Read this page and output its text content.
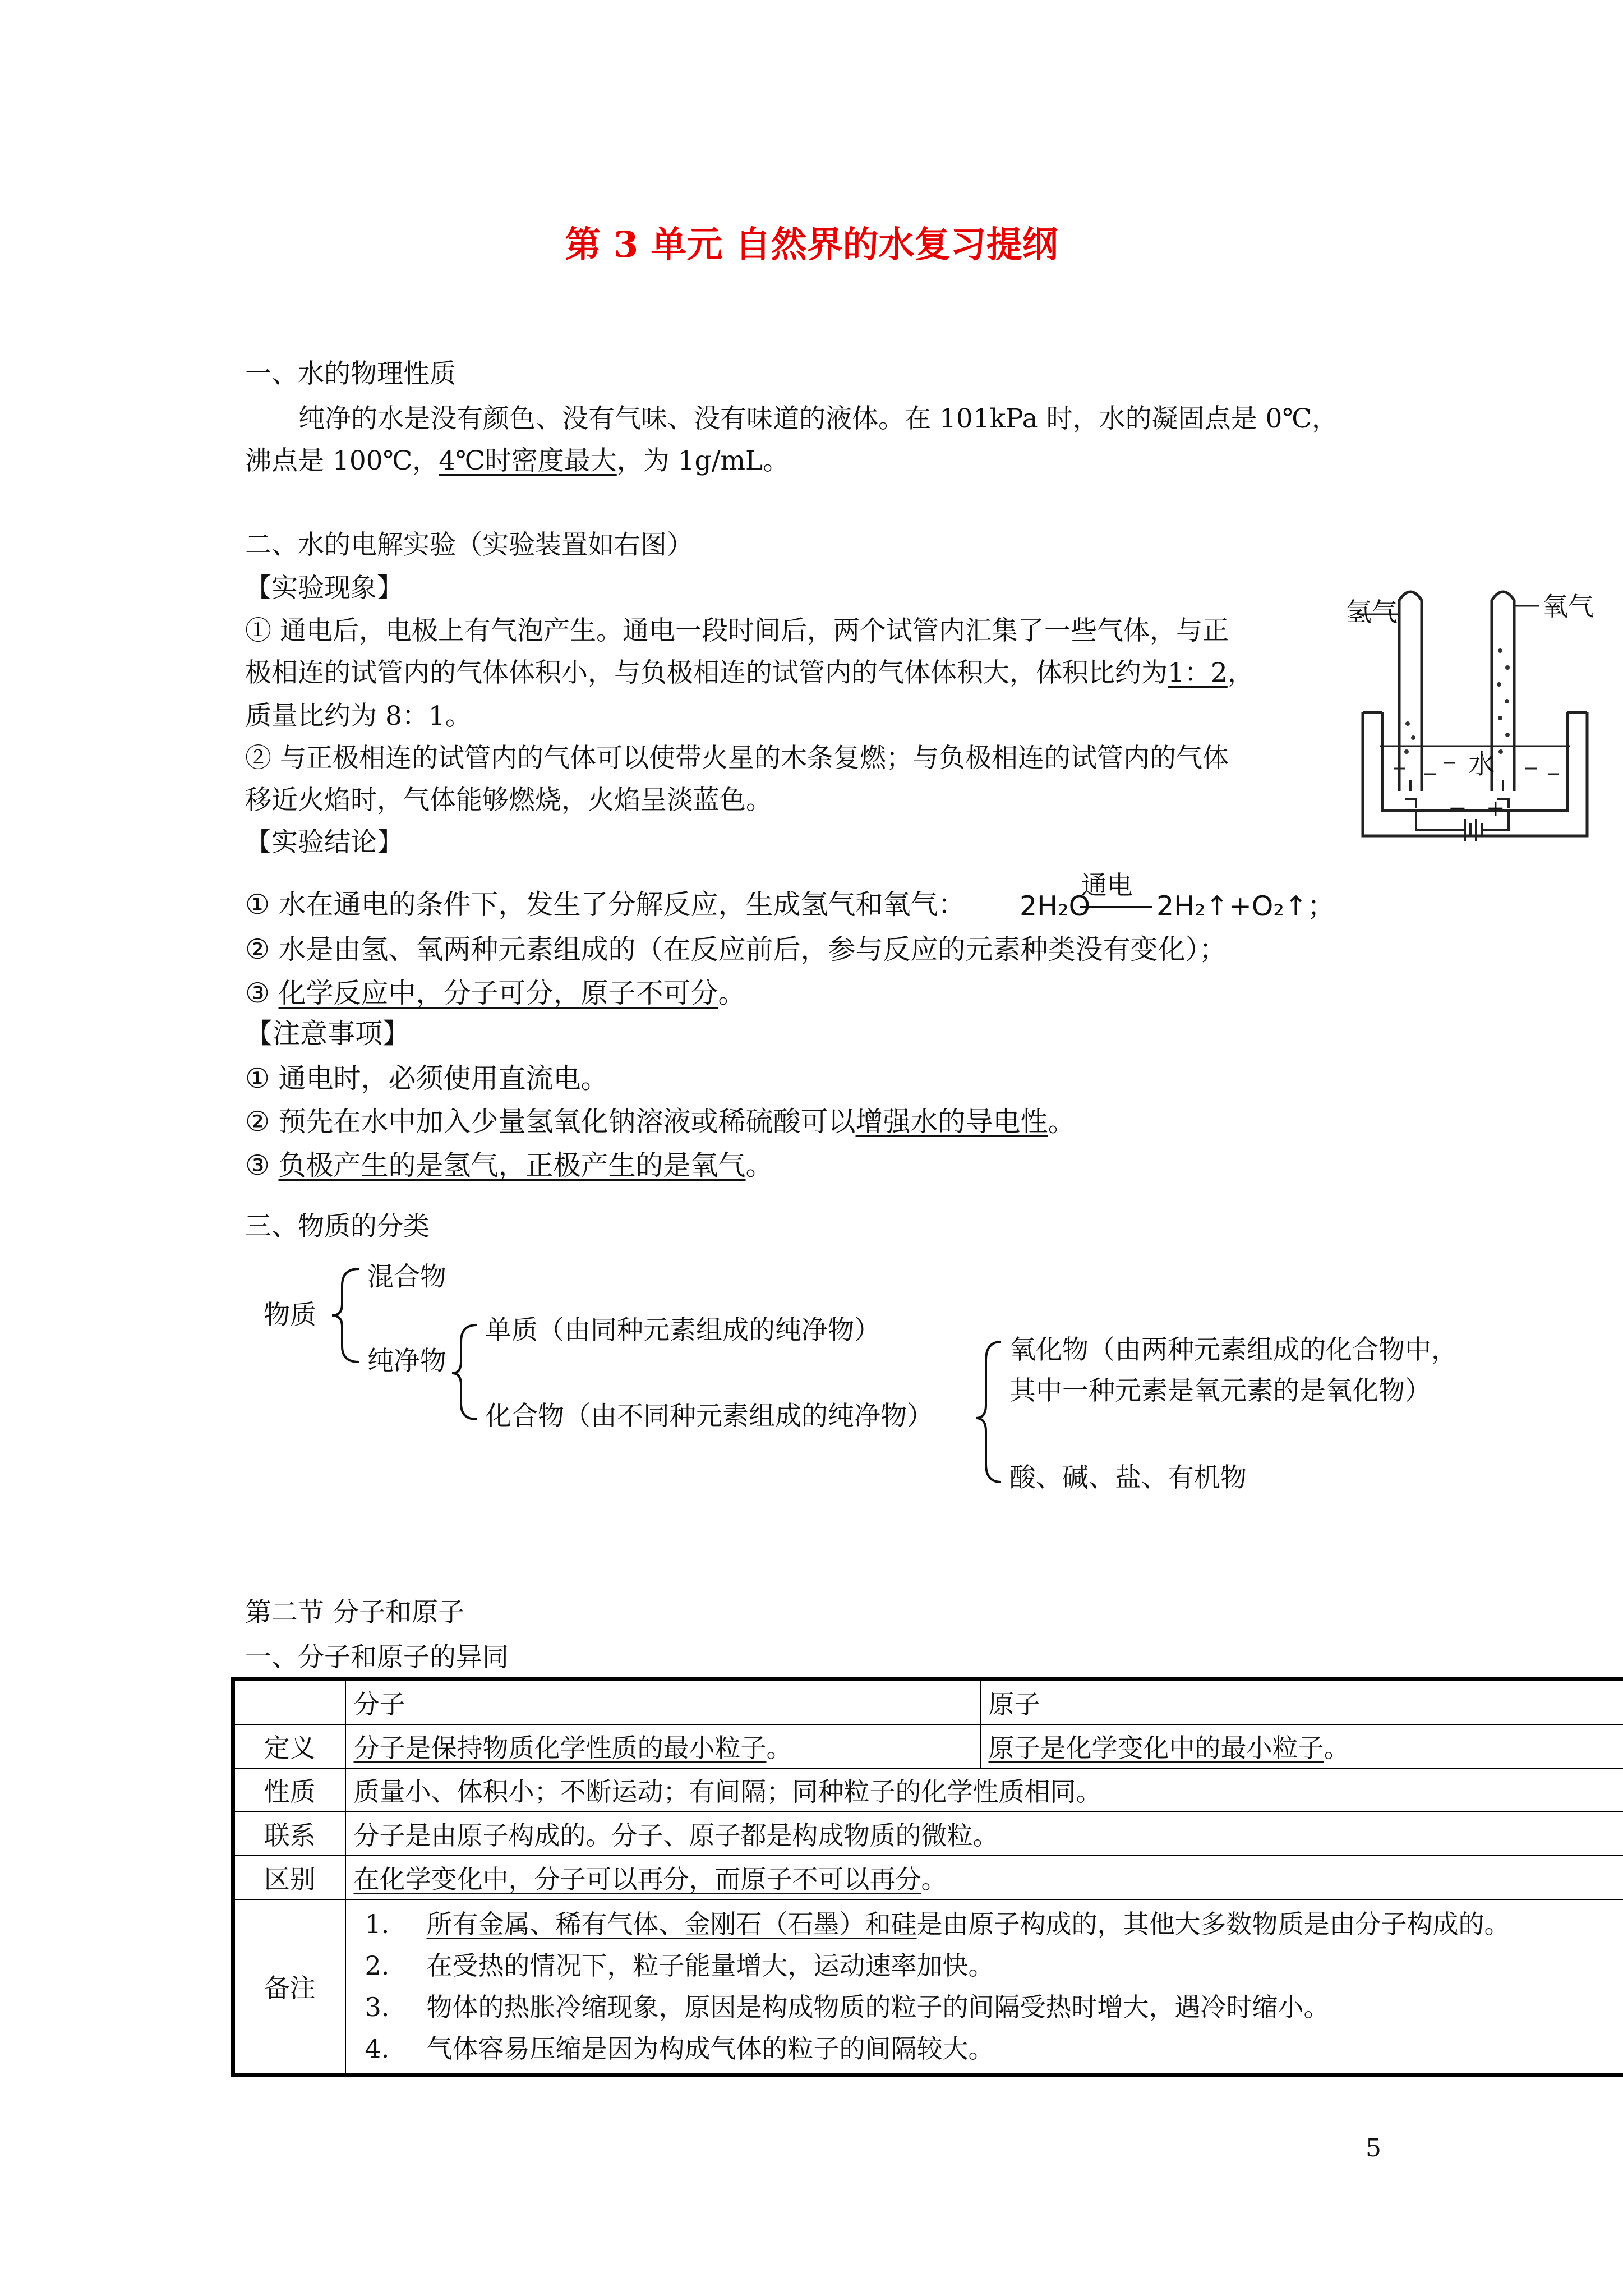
第 3 单元 自然界的水复习提纲
一、水的物理性质
纯净的水是没有颜色、没有气味、没有味道的液体。在 101kPa 时，水的凝固点是 0℃，
沸点是 100℃，4℃时密度最大，为 1g/mL。
二、水的电解实验（实验装置如右图）
【实验现象】
① 通电后，电极上有气泡产生。通电一段时间后，两个试管内汇集了一些气体，与正
极相连的试管内的气体体积小，与负极相连的试管内的气体体积大，体积比约为1：2，
质量比约为 8：1。
② 与正极相连的试管内的气体可以使带火星的木条复燃；与负极相连的试管内的气体
移近火焰时，气体能够燃烧，火焰呈淡蓝色。
【实验结论】
氢气	氧气
水
− +
① 水在通电的条件下，发生了分解反应，生成氢气和氧气： 2H₂O
通电
2H₂↑+O₂↑；
② 水是由氢、氧两种元素组成的（在反应前后，参与反应的元素种类没有变化）；
③ 化学反应中，分子可分，原子不可分。
【注意事项】
① 通电时，必须使用直流电。
② 预先在水中加入少量氢氧化钠溶液或稀硫酸可以增强水的导电性。
③ 负极产生的是氢气，正极产生的是氧气。
三、物质的分类
物质
混合物
纯净物
单质（由同种元素组成的纯净物）
化合物（由不同种元素组成的纯净物）
氧化物（由两种元素组成的化合物中，
其中一种元素是氧元素的是氧化物）
酸、碱、盐、有机物
第二节 分子和原子
一、分子和原子的异同
	分子	原子
定义	分子是保持物质化学性质的最小粒子。	原子是化学变化中的最小粒子。
性质	质量小、体积小；不断运动；有间隔；同种粒子的化学性质相同。	
联系	分子是由原子构成的。分子、原子都是构成物质的微粒。	
区别	在化学变化中，分子可以再分，而原子不可以再分。	
备注	1. 所有金属、稀有气体、金刚石（石墨）和硅是由原子构成的，其他大多数物质是由分子构成的。
2. 在受热的情况下，粒子能量增大，运动速率加快。
3. 物体的热胀冷缩现象，原因是构成物质的粒子的间隔受热时增大，遇冷时缩小。
4. 气体容易压缩是因为构成气体的粒子的间隔较大。	
5
